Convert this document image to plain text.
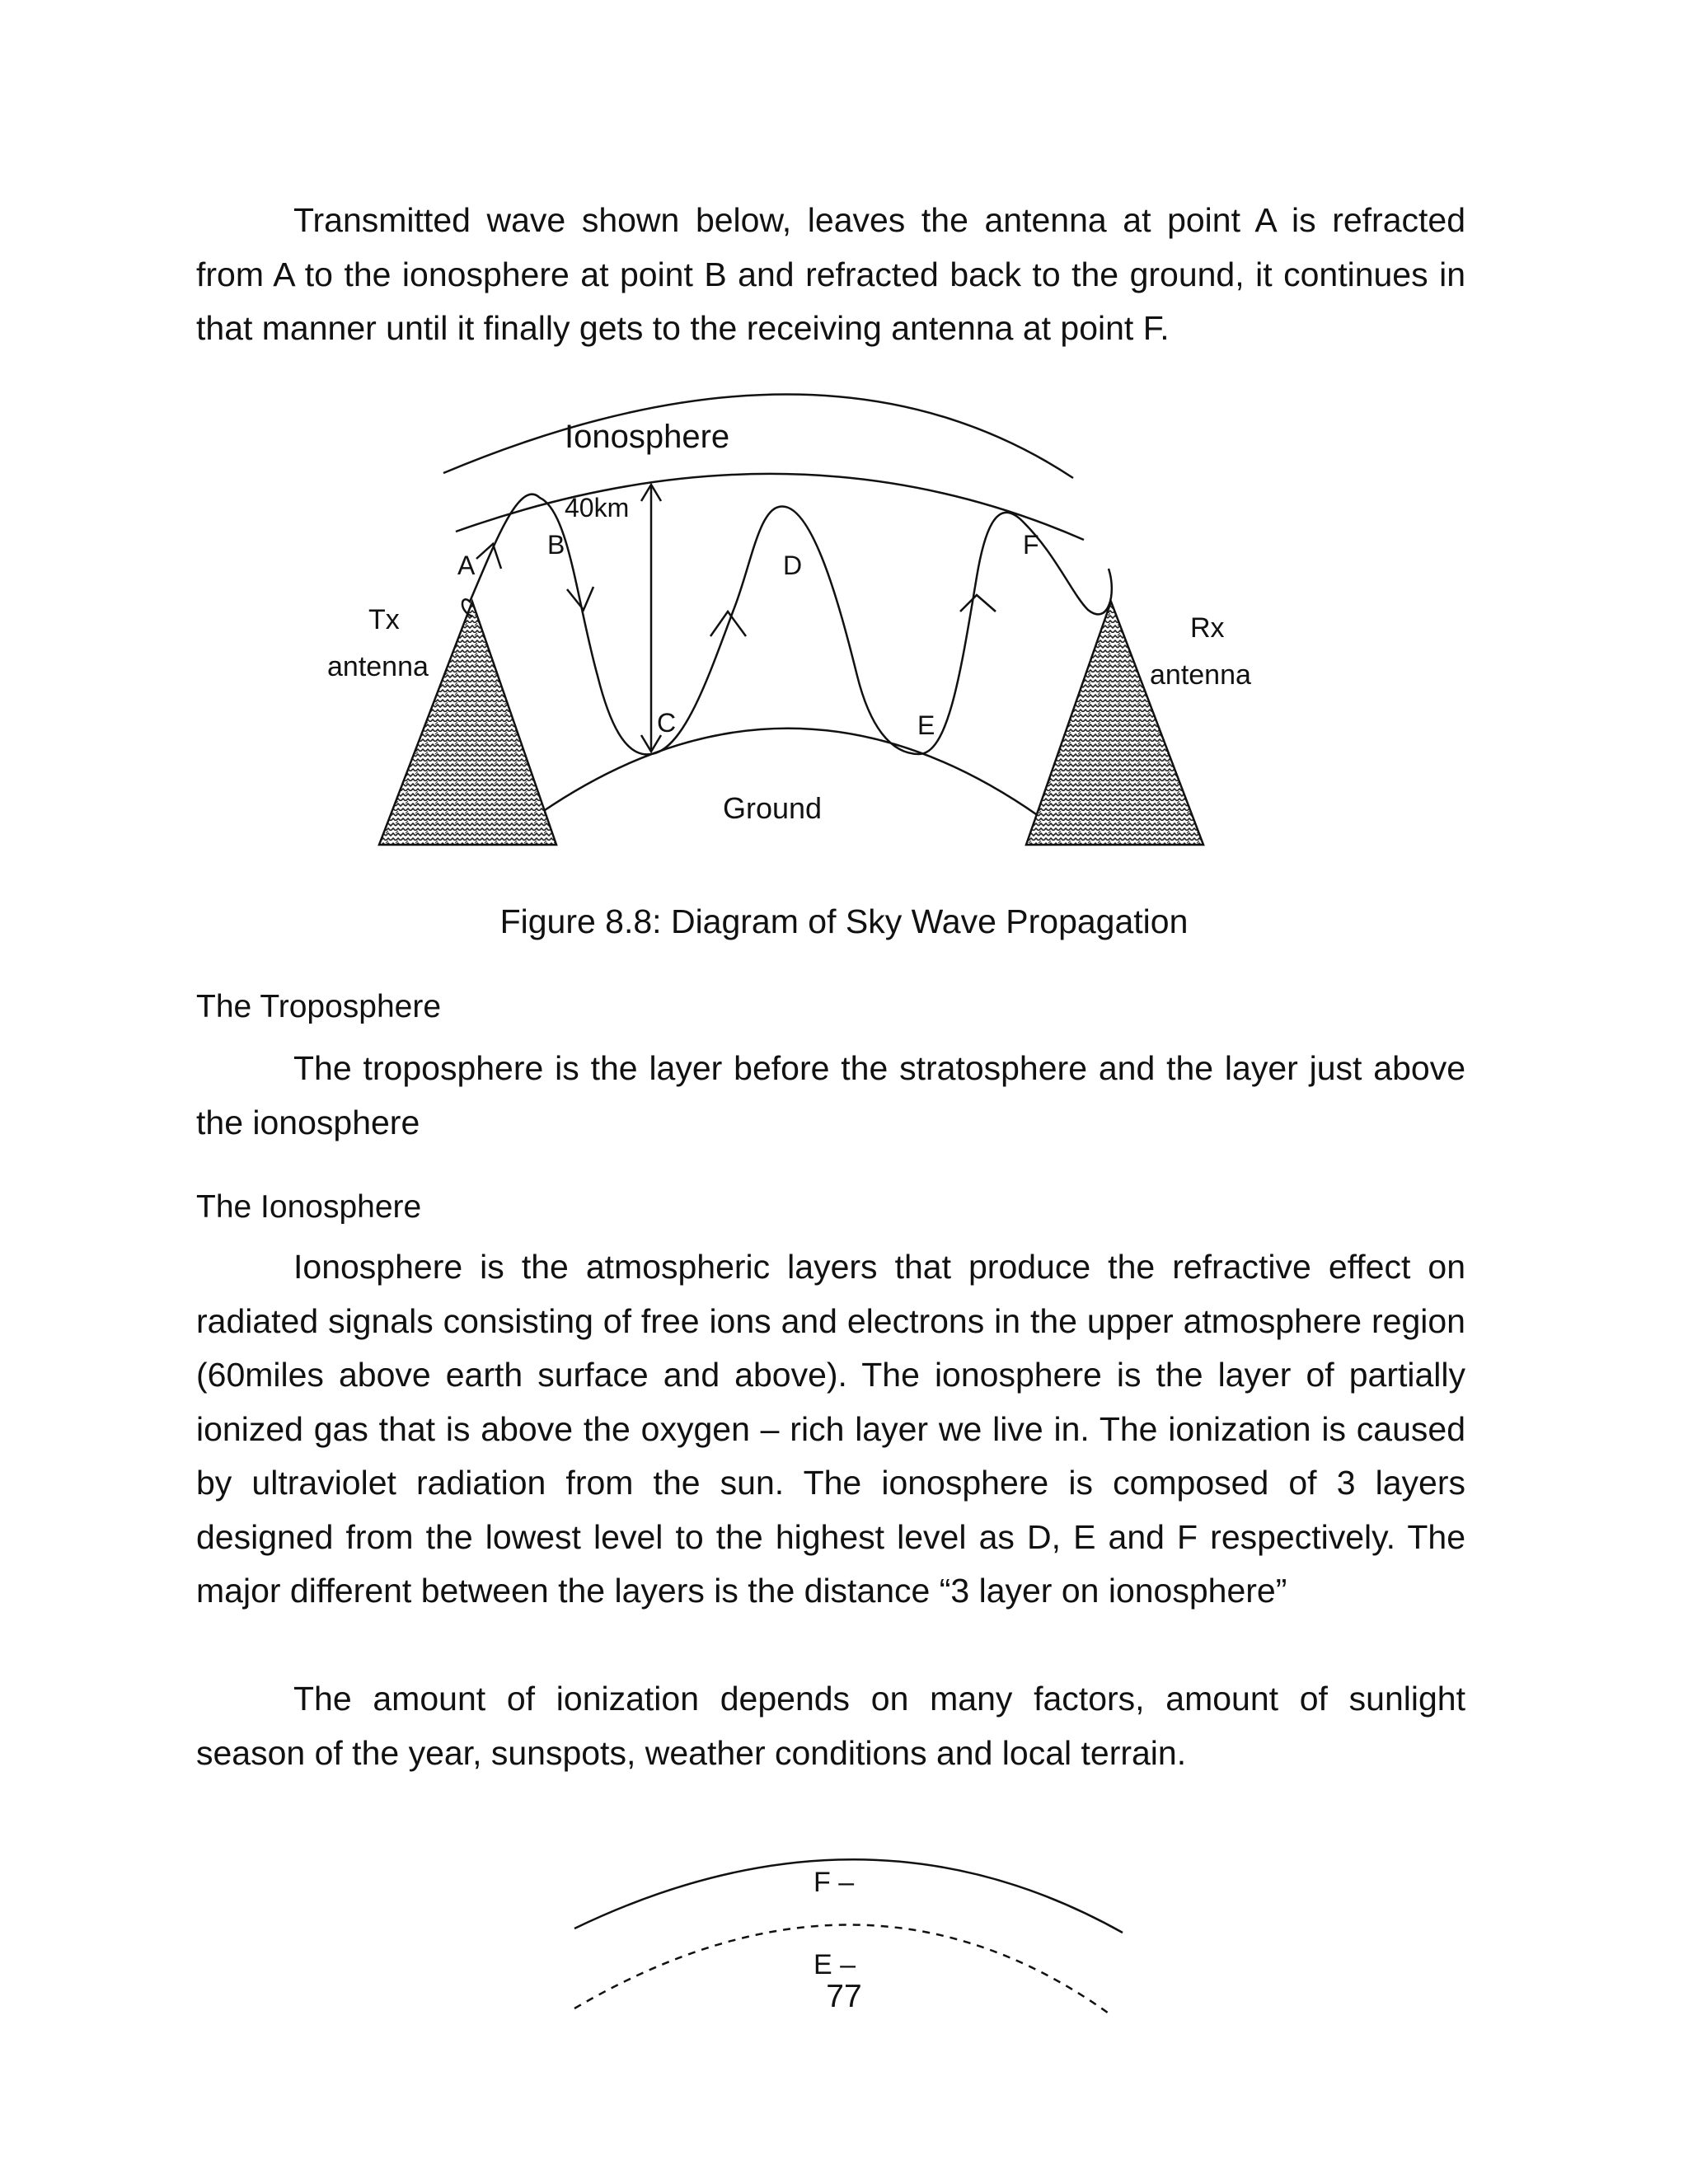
Transmitted wave shown below, leaves the antenna at point A is refracted from A to the ionosphere at point B and refracted back to the ground, it continues in that manner until it finally gets to the receiving antenna at point F.

Ionosphere
40km
A
B
C
D
E
F
Tx
antenna
Rx
antenna
Ground

Figure 8.8: Diagram of Sky Wave Propagation

The Troposphere

The troposphere is the layer before the stratosphere and the layer just above the ionosphere

The Ionosphere

Ionosphere is the atmospheric layers that produce the refractive effect on radiated signals consisting of free ions and electrons in the upper atmosphere region (60miles above earth surface and above). The ionosphere is the layer of partially ionized gas that is above the oxygen – rich layer we live in. The ionization is caused by ultraviolet radiation from the sun. The ionosphere is composed of 3 layers designed from the lowest level to the highest level as D, E and F respectively. The major different between the layers is the distance “3 layer on ionosphere”

The amount of ionization depends on many factors, amount of sunlight season of the year, sunspots, weather conditions and local terrain.

F –
E –

77
